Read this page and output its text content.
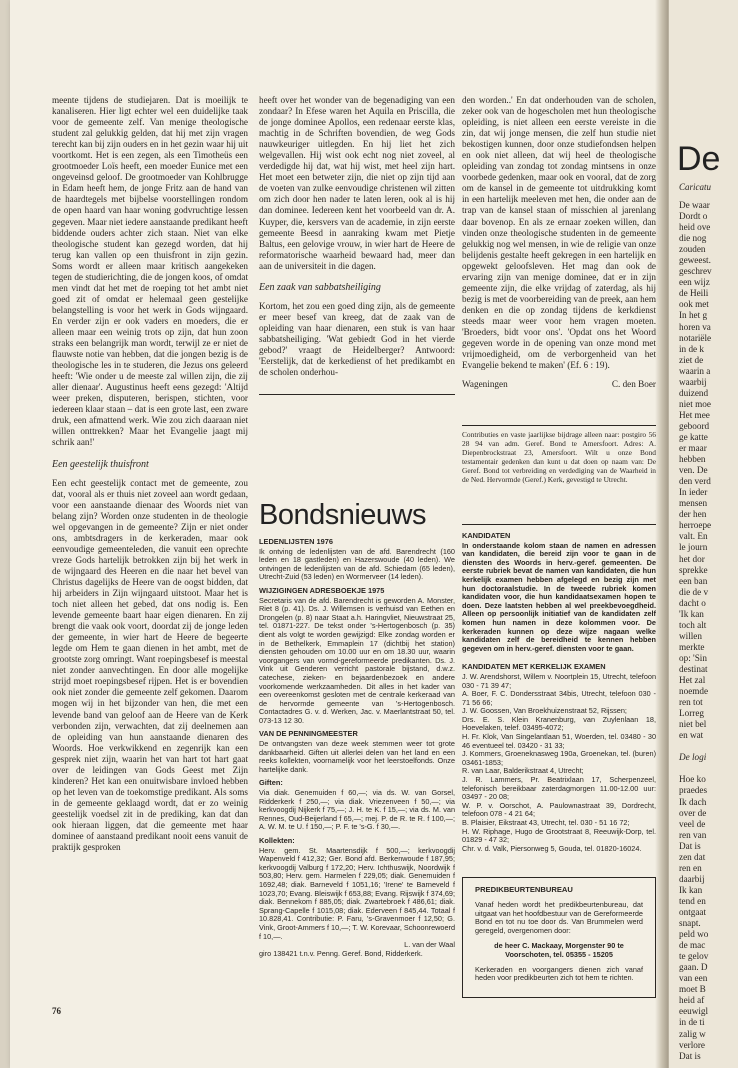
meente tijdens de studiejaren. Dat is moeilijk te kanaliseren. Hier ligt echter wel een duidelijke taak voor de gemeente zelf. Van menige theologische student zal gelukkig gelden, dat hij met zijn vragen terecht kan bij zijn ouders en in het gezin waar hij uit voortkomt. Het is een zegen, als een Timotheüs een grootmoeder Loïs heeft, een moeder Eunice met een ongeveinsd geloof. De grootmoeder van Kohlbrugge in Edam heeft hem, de jonge Fritz aan de hand van de haardtegels met bijbelse voorstellingen rondom de open haard van haar woning godvruchtige lessen gegeven. Maar niet iedere aanstaande predikant heeft biddende ouders achter zich staan. Niet van elke theologische student kan gezegd worden, dat hij terug kan vallen op een thuisfront in zijn gezin. Soms wordt er alleen maar kritisch aangekeken tegen de studierichting, die de jongen koos, of omdat men vindt dat het met de roeping tot het ambt niet goed zit of omdat er helemaal geen gestelijke belangstelling is voor het werk in Gods wijngaard. En verder zijn er ook vaders en moeders, die er alleen maar een weinig trots op zijn, dat hun zoon straks een belangrijk man wordt, terwijl ze er niet de flauwste notie van hebben, dat die jongen bezig is de theologische les in te studeren, die Jezus ons geleerd heeft: 'Wie onder u de meeste zal willen zijn, die zij aller dienaar'. Augustinus heeft eens gezegd: 'Altijd weer preken, disputeren, berispen, stichten, voor iedereen klaar staan – dat is een grote last, een zware druk, een afmattend werk. Wie zou zich daaraan niet willen onttrekken? Maar het Evangelie jaagt mij schrik aan!'

Een geestelijk thuisfront

Een echt geestelijk contact met de gemeente, zou dat, vooral als er thuis niet zoveel aan wordt gedaan, voor een aanstaande dienaar des Woords niet van belang zijn? Worden onze studenten in de theologie wel opgevangen in de gemeente? Zijn er niet onder ons, ambtsdragers in de kerkeraden, maar ook eenvoudige gemeenteleden, die vanuit een oprechte vreze Gods hartelijk betrokken zijn bij het werk in de wijngaard des Heeren en die naar het bevel van Christus dagelijks de Heere van de oogst bidden, dat hij arbeiders in Zijn wijngaard uitstoot. Maar het is toch niet alleen het gebed, dat ons nodig is. Een levende gemeente baart haar eigen dienaren. En zij brengt die vaak ook voort, doordat zij de jonge leden der gemeente, in wier hart de Heere de begeerte legde om Hem te gaan dienen in het ambt, met de grootste zorg omringt. Want roepingsbesef is meestal niet zonder aanvechtingen. En door alle mogelijke strijd moet roepingsbesef rijpen. Het is er bovendien ook niet zonder die gemeente zelf gekomen. Daarom mogen wij in het bijzonder van hen, die met een levende band van geloof aan de Heere van de Kerk verbonden zijn, verwachten, dat zij deelnemen aan de opleiding van hun aanstaande dienaren des Woords. Hoe verkwikkend en zegenrijk kan een gesprek niet zijn, waarin het van hart tot hart gaat over de leidingen van Gods Geest met Zijn kinderen? Het kan een onuitwisbare invloed hebben op het leven van de toekomstige predikant. Als soms in de gemeente geklaagd wordt, dat er zo weinig geestelijk voedsel zit in de prediking, kan dat dan ook hieraan liggen, dat die gemeente met haar dominee of aanstaand predikant nooit eens vanuit de praktijk gesproken

heeft over het wonder van de begenadiging van een zondaar? In Efese waren het Aquila en Priscilla, die de jonge dominee Apollos, een redenaar eerste klas, machtig in de Schriften bovendien, de weg Gods nauwkeuriger uitlegden. En hij liet het zich welgevallen. Hij wist ook echt nog niet zoveel, al verdedigde hij dat, wat hij wist, met heel zijn hart. Het moet een betweter zijn, die niet op zijn tijd aan de voeten van zulke eenvoudige christenen wil zitten om zich door hen nader te laten leren, ook al is hij dan dominee. Iedereen kent het voorbeeld van dr. A. Kuyper, die, kersvers van de academie, in zijn eerste gemeente Beesd in aanraking kwam met Pietje Baltus, een gelovige vrouw, in wier hart de Heere de reformatorische waarheid bewaard had, meer dan aan de universiteit in die dagen.

Een zaak van sabbatsheiliging

Kortom, het zou een goed ding zijn, als de gemeente er meer besef van kreeg, dat de zaak van de opleiding van haar dienaren, een stuk is van haar sabbatsheiliging. 'Wat gebiedt God in het vierde gebod?' vraagt de Heidelberger? Antwoord: 'Eerstelijk, dat de kerkedienst of het predikambt en de scholen onderhou-

den worden..' En dat onderhouden van de scholen, zeker ook van de hogescholen met hun theologische opleiding, is niet alleen een eerste vereiste in die zin, dat wij jonge mensen, die zelf hun studie niet bekostigen kunnen, door onze studiefondsen helpen en ook niet alleen, dat wij heel de theologische opleiding van zondag tot zondag mintsens in onze voorbede gedenken, maar ook en vooral, dat de zorg om de kansel in de gemeente tot uitdrukking komt in een hartelijk meeleven met hen, die onder aan de trap van de kansel staan of misschien al jarenlang daar bovenop. En als ze ernaar zoeken willen, dan vinden onze theologische studenten in de gemeente gelukkig nog wel mensen, in wie de religie van onze belijdenis gestalte heeft gekregen in een hartelijk en opgewekt geloofsleven. Het mag dan ook de ervaring zijn van menige dominee, dat er in zijn gemeente zijn, die elke vrijdag of zaterdag, als hij bezig is met de voorbereiding van de preek, aan hem denken en die op zondag tijdens de kerkdienst steeds maar weer voor hem vragen moeten. 'Broeders, bidt voor ons'. 'Opdat ons het Woord gegeven worde in de opening van onze mond met vrijmoedigheid, om de verborgenheid van het Evangelie bekend te maken' (Ef. 6 : 19).

Wageningen	C. den Boer
Contributies en vaste jaarlijkse bijdrage alleen naar: postgiro 56 28 94 van adm. Geref. Bond te Amersfoort. Adres: A. Diepenbrockstraat 23, Amersfoort. Wilt u onze Bond testamentair gedenken dan kunt u dat doen op naam van: De Geref. Bond tot verbreiding en verdediging van de Waarheid in de Ned. Hervormde (Geref.) Kerk, gevestigd te Utrecht.
Bondsnieuws
LEDENLIJSTEN 1976

Ik ontving de ledenlijsten van de afd. Barendrecht (160 leden en 18 gastleden) en Hazerswoude (40 leden). We ontvingen de ledenlijsten van de afd. Schiedam (65 leden), Utrecht-Zuid (53 leden) en Wormerveer (14 leden).

WIJZIGINGEN ADRESBOEKJE 1975

Secretaris van de afd. Barendrecht is geworden A. Monster, Riet 8 (p. 41). Ds. J. Willemsen is verhuisd van Eethen en Drongelen (p. 8) naar Staat a.h. Haringvliet, Nieuwstraat 25, tel. 01871-227. De tekst onder 's-Hertogenbosch (p. 35) dient als volgt te worden gewijzigd: Elke zondag worden er in de Bethelkerk, Emmaplein 17 (dichtbij het station) diensten gehouden om 10.00 uur en om 18.30 uur, waarin voorgangers van vormd-gereformeerde predikanten. Ds. J. Vink uit Genderen verricht pastorale bijstand, d.w.z. catechese, zieken- en bejaardenbezoek en andere voorkomende werkzaamheden. Dit alles in het kader van een overeenkomst gesloten met de centrale kerkeraad van de hervormde gemeente van 's-Hertogenbosch. Contactadres G. v. d. Werken, Jac. v. Maerlantstraat 50, tel. 073-13 12 30.

VAN DE PENNINGMEESTER

De ontvangsten van deze week stemmen weer tot grote dankbaarheid. Giften uit allerlei delen van het land en een reeks kollekten, voornamelijk voor het leerstoelfonds. Onze hartelijke dank.

Giften:

Via diak. Genemuiden f 60,—; via ds. W. van Gorsel, Ridderkerk f 250,—; via diak. Vriezenveen f 50,—; via kerkvoogdij Nijkerk f 75,—; J. H. te K. f 15,—; via ds. M. van Rennes, Oud-Beijerland f 65,—; mej. P. de R. te R. f 100,—; A. W. M. te U. f 150,—; P. F. te 's-G. f 30,—.

Kollekten:

Herv. gem. St. Maartensdijk f 500,—; kerkvoogdij Wapenveld f 412,32; Ger. Bond afd. Berkenwoude f 187,95; kerkvoogdij Valburg f 172,20; Herv. Ichthuswijk, Noordwijk f 503,80; Herv. gem. Harmelen f 229,05; diak. Genemuiden f 1692,48; diak. Barneveld f 1051,16; 'Irene' te Barneveld f 1023,70; Evang. Bleiswijk f 653,88; Evang. Rijswijk f 374,69; diak. Bennekom f 885,05; diak. Zwartebroek f 486,61; diak. Sprang-Capelle f 1015,08; diak. Ederveen f 845,44. Totaal f 10.828,41. Contributie: P. Faru, 's-Gravenmoer f 12,50; G. Vink, Groot-Ammers f 10,—; T. W. Korevaar, Schoonrewoerd f 10,—.

L. van der Waal

giro 138421 t.n.v. Penng. Geref. Bond, Ridderkerk.

KANDIDATEN

In onderstaande kolom staan de namen en adressen van kandidaten, die bereid zijn voor te gaan in de diensten des Woords in herv.-geref. gemeenten. De eerste rubriek bevat de namen van kandidaten, die hun kerkelijk examen hebben afgelegd en bezig zijn met hun doctoraalstudie. In de tweede rubriek komen kandidaten voor, die hun kandidaatsexamen hopen te doen. Deze laatsten hebben al wel preekbevoegdheid. Alleen op persoonlijk initiatief van de kandidaten zelf komen hun namen in deze kolommen voor. De kerkeraden kunnen op deze wijze nagaan welke kandidaten zelf de bereidheid te kennen hebben gegeven om in herv.-geref. diensten voor te gaan.

KANDIDATEN MET KERKELIJK EXAMEN

J. W. Arendshorst, Willem v. Noortplein 15, Utrecht, telefoon 030 - 71 39 47;

A. Boer, F. C. Dondersstraat 34bis, Utrecht, telefoon 030 - 71 56 66;

J. W. Goossen, Van Broekhuizenstraat 52, Rijssen;

Drs. E. S. Klein Kranenburg, van Zuylenlaan 18, Hoevelaken, telef. 03495-4072;

H. Fr. Klok, Van Singelantlaan 51, Woerden, tel. 03480 - 30 46 eventueel tel. 03420 - 31 33;

J. Kommers, Groeneknasweg 190a, Groenekan, tel. (buren) 03461-1853;

R. van Laar, Balderikstraat 4, Utrecht;

J. R. Lammers, Pr. Beatrixlaan 17, Scherpenzeel, telefonisch bereikbaar zaterdagmorgen 11.00-12.00 uur: 03497 - 20 08;

W. P. v. Oorschot, A. Paulownastraat 39, Dordrecht, telefoon 078 - 4 21 64;

B. Plaisier, Eikstraat 43, Utrecht, tel. 030 - 51 16 72;

H. W. Riphage, Hugo de Grootstraat 8, Reeuwijk-Dorp, tel. 01829 - 47 32;

Chr. v. d. Valk, Piersonweg 5, Gouda, tel. 01820-16024.

PREDIKBEURTENBUREAU

Vanaf heden wordt het predikbeurtenbureau, dat uitgaat van het hoofdbestuur van de Gereformeerde Bond en tot nu toe door ds. Van Brummelen werd geregeld, overgenomen door:

de heer C. Mackaay, Morgenster 90 te Voorschoten, tel. 05355 - 15205

Kerkeraden en voorgangers dienen zich vanaf heden voor predikbeurten zich tot hem te richten.

76
De
Caricatu
De waar
Dordt o
heid ove
die nog
zouden
geweest.
geschrev
een wijz
de Heili
ook met
In het g
horen va
notariële
in de k
ziet de
waarin a
waarbij
duizend
niet moe
Het mee
geboord
ge katte
er maar
hebben
ven. De
den verd
In ieder
mensen
der hen
herroepe
valt. En
le journ
het dor
sprekke
een ban
die de v
dacht o
'Ik kan
toch alt
willen
merkte
op: 'Sin
destinat
Het zal
noemde
ren tot
Lorreg
niet bel
en wat

De logi

Hoe ko
praedes
Ik dach
over de
veel de
ren van
Dat is
zen dat
ren en
daarbij
Ik kan
tend en
ontgaat
snapt.
peld wo
de mac
te gelov
gaan. D
van een
moet B
heid af
eeuwigl
in de ti
zalig w
verlore
Dat is
